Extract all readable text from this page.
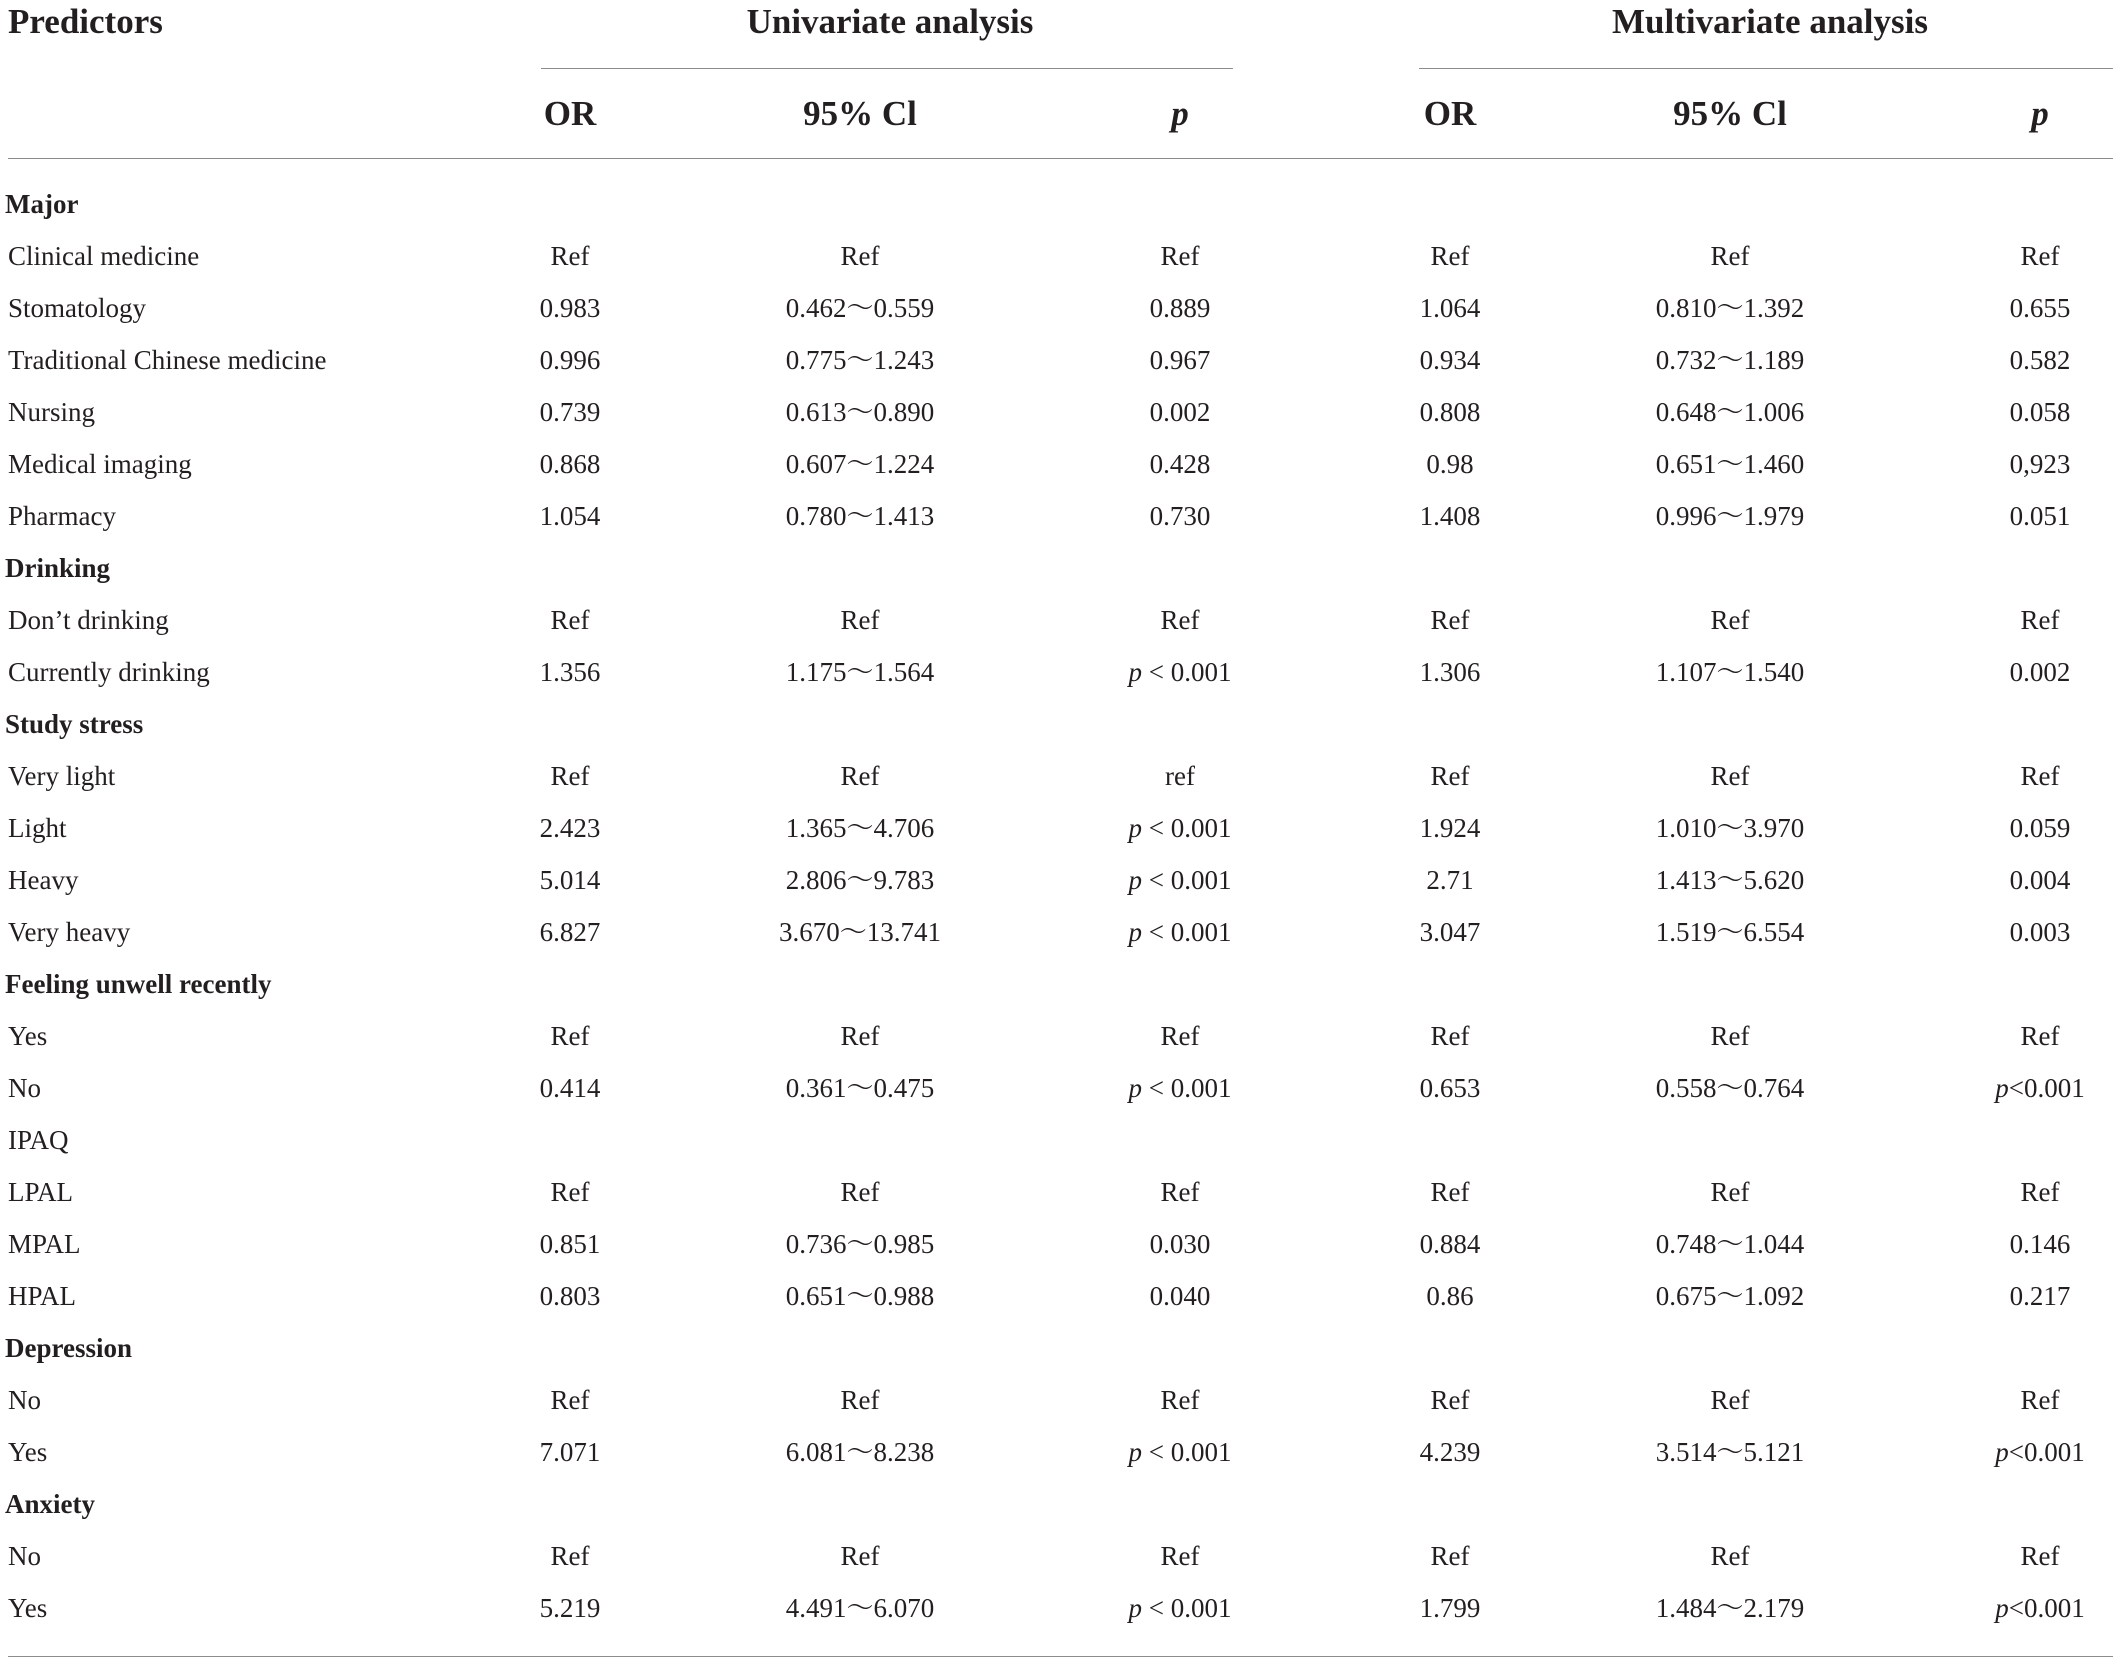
Predictors	Univariate analysis	Multivariate analysis
OR	95% Cl	p	OR	95% Cl	p
Major
Clinical medicine	Ref	Ref	Ref	Ref	Ref	Ref
Stomatology	0.983	0.462～0.559	0.889	1.064	0.810～1.392	0.655
Traditional Chinese medicine	0.996	0.775～1.243	0.967	0.934	0.732～1.189	0.582
Nursing	0.739	0.613～0.890	0.002	0.808	0.648～1.006	0.058
Medical imaging	0.868	0.607～1.224	0.428	0.98	0.651～1.460	0,923
Pharmacy	1.054	0.780～1.413	0.730	1.408	0.996～1.979	0.051
Drinking
Don’t drinking	Ref	Ref	Ref	Ref	Ref	Ref
Currently drinking	1.356	1.175～1.564	p < 0.001	1.306	1.107～1.540	0.002
Study stress
Very light	Ref	Ref	ref	Ref	Ref	Ref
Light	2.423	1.365～4.706	p < 0.001	1.924	1.010～3.970	0.059
Heavy	5.014	2.806～9.783	p < 0.001	2.71	1.413～5.620	0.004
Very heavy	6.827	3.670～13.741	p < 0.001	3.047	1.519～6.554	0.003
Feeling unwell recently
Yes	Ref	Ref	Ref	Ref	Ref	Ref
No	0.414	0.361～0.475	p < 0.001	0.653	0.558～0.764	p<0.001
IPAQ
LPAL	Ref	Ref	Ref	Ref	Ref	Ref
MPAL	0.851	0.736～0.985	0.030	0.884	0.748～1.044	0.146
HPAL	0.803	0.651～0.988	0.040	0.86	0.675～1.092	0.217
Depression
No	Ref	Ref	Ref	Ref	Ref	Ref
Yes	7.071	6.081～8.238	p < 0.001	4.239	3.514～5.121	p<0.001
Anxiety
No	Ref	Ref	Ref	Ref	Ref	Ref
Yes	5.219	4.491～6.070	p < 0.001	1.799	1.484～2.179	p<0.001
